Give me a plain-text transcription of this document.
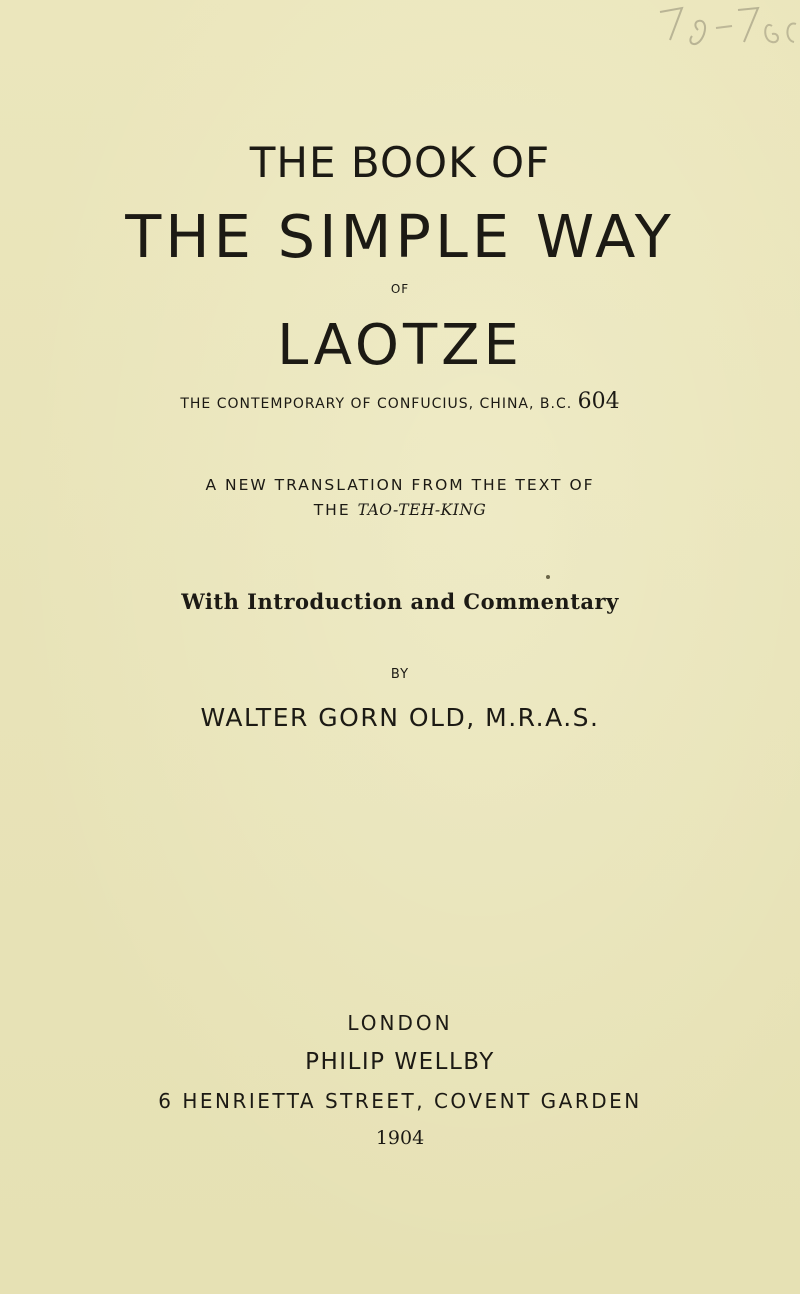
THE BOOK OF
THE SIMPLE WAY
OF
LAOTZE
THE CONTEMPORARY OF CONFUCIUS, CHINA, B.C. 604
A NEW TRANSLATION FROM THE TEXT OF
THE TAO-TEH-KING
With Introduction and Commentary
BY
WALTER GORN OLD, M.R.A.S.
LONDON
PHILIP WELLBY
6 HENRIETTA STREET, COVENT GARDEN
1904
